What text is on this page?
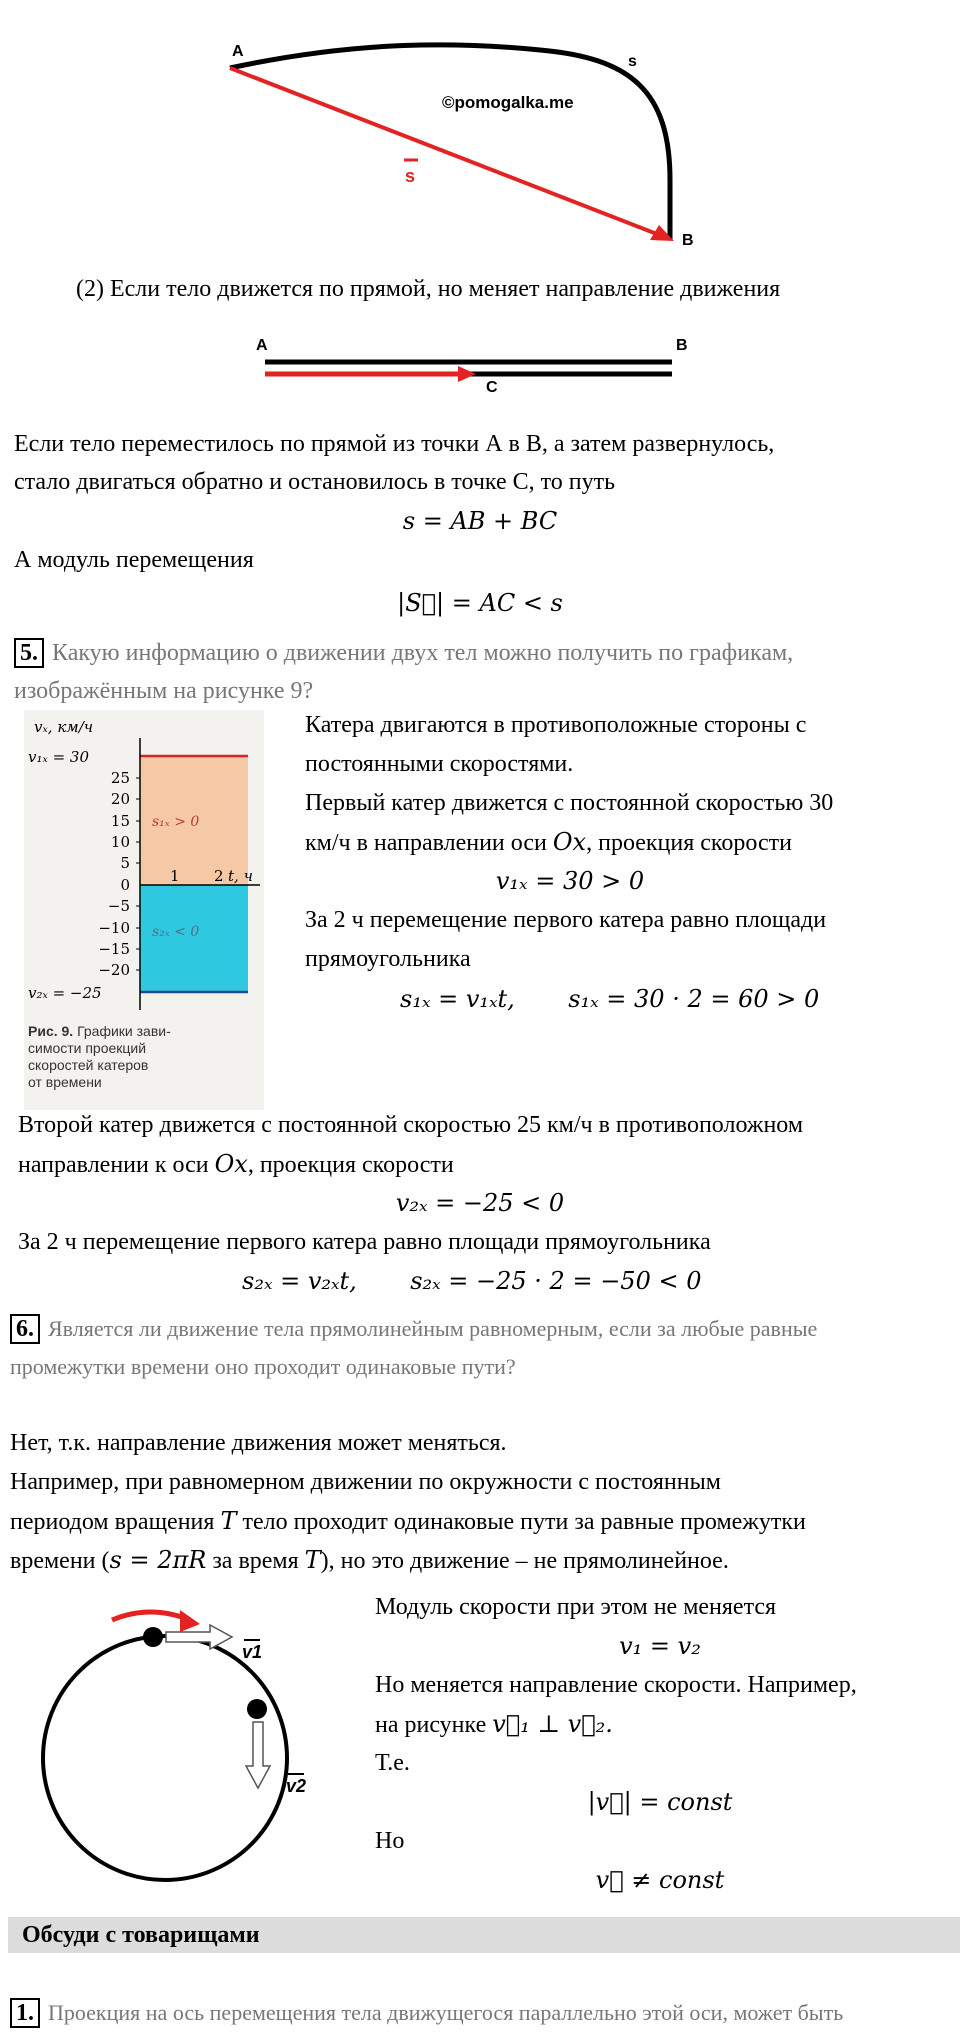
A
B
s
s
©pomogalka.me
(2) Если тело движется по прямой, но меняет направление движения
A	B
C
Если тело переместилось по прямой из точки А в В, а затем развернулось,
стало двигаться обратно и остановилось в точке С, то путь
s = AB + BC
А модуль перемещения
|S⃗| = AC < s
5. Какую информацию о движении двух тел можно получить по графикам,
изображённым на рисунке 9?
25
20
15
10
5
0
−5
−10
−15
−20
vₓ, км/ч
v₁ₓ = 30
v₂ₓ = −25
s₁ₓ > 0
s₂ₓ < 0
1 2 t, ч
Рис. 9. Графики зави-
симости проекций
скоростей катеров
от времени
Катера двигаются в противоположные стороны с
постоянными скоростями.
Первый катер движется с постоянной скоростью 30
км/ч в направлении оси Ox, проекция скорости
v₁ₓ = 30 > 0
За 2 ч перемещение первого катера равно площади
прямоугольника
s₁ₓ = v₁ₓt,       s₁ₓ = 30 · 2 = 60 > 0
Второй катер движется с постоянной скоростью 25 км/ч в противоположном
направлении к оси Ox, проекция скорости
v₂ₓ = −25 < 0
За 2 ч перемещение первого катера равно площади прямоугольника
s₂ₓ = v₂ₓt,       s₂ₓ = −25 · 2 = −50 < 0
6. Является ли движение тела прямолинейным равномерным, если за любые равные
промежутки времени оно проходит одинаковые пути?
Нет, т.к. направление движения может меняться.
Например, при равномерном движении по окружности с постоянным
периодом вращения T тело проходит одинаковые пути за равные промежутки
времени (s = 2πR за время T), но это движение – не прямолинейное.
v1
v2
Модуль скорости при этом не меняется
v₁ = v₂
Но меняется направление скорости. Например,
на рисунке v⃗₁ ⊥ v⃗₂.
Т.е.
|v⃗| = const
Но
v⃗ ≠ const
Обсуди с товарищами
1. Проекция на ось перемещения тела движущегося параллельно этой оси, может быть
